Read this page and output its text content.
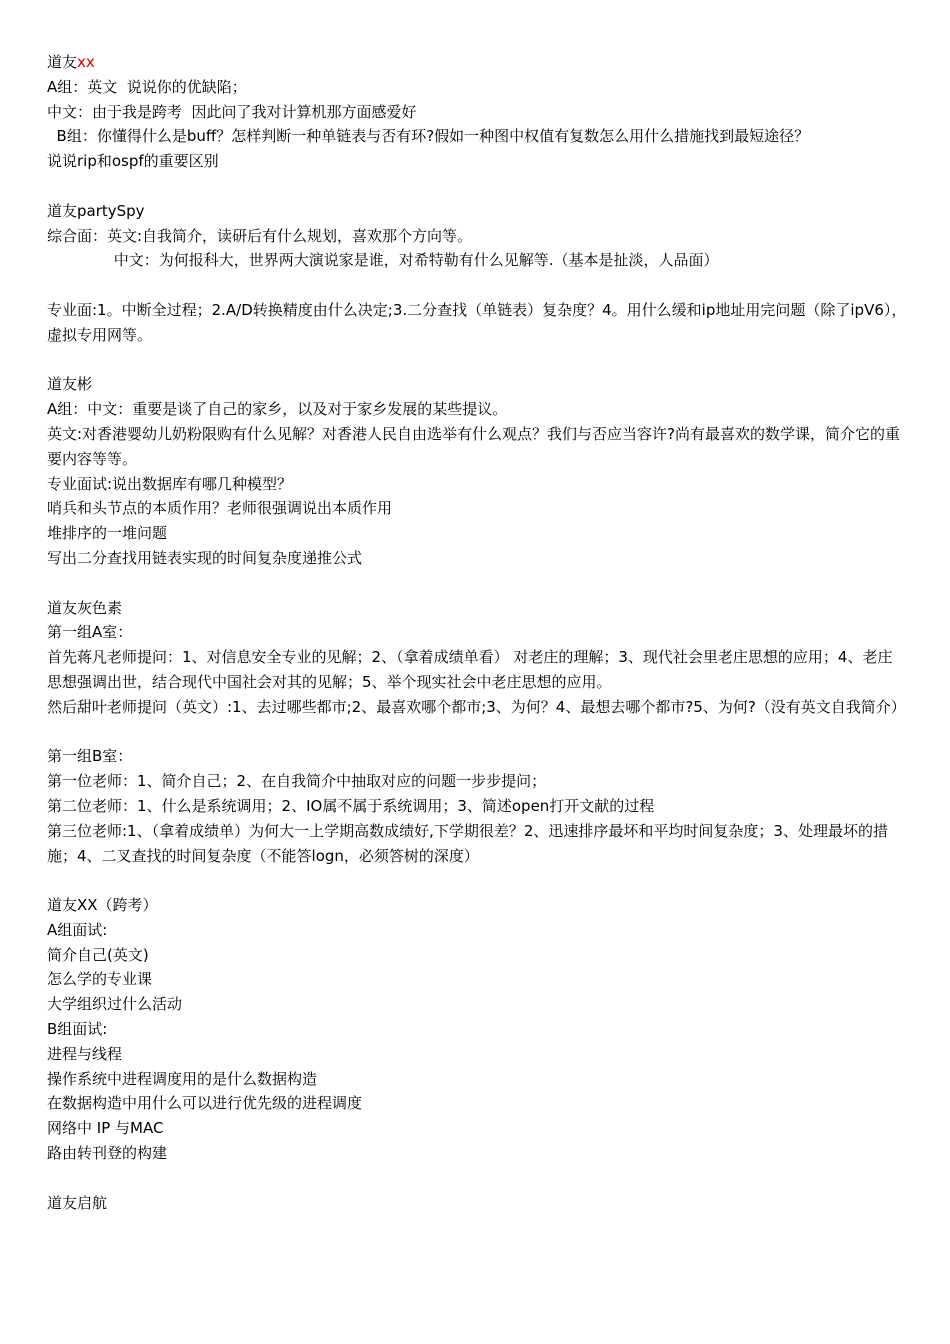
道友xx

A组：英文  说说你的优缺陷；

中文：由于我是跨考  因此问了我对计算机那方面感爱好

B组：你懂得什么是buff？怎样判断一种单链表与否有环?假如一种图中权值有复数怎么用什么措施找到最短途径？

说说rip和ospf的重要区别

道友partySpy

综合面：英文:自我简介，读研后有什么规划，喜欢那个方向等。

中文：为何报科大，世界两大演说家是谁，对希特勒有什么见解等.（基本是扯淡，人品面）

专业面:1。中断全过程；2.A/D转换精度由什么决定;3.二分查找（单链表）复杂度？4。用什么缓和ip地址用完问题（除了ipV6），虚拟专用网等。

道友彬

A组：中文：重要是谈了自己的家乡，以及对于家乡发展的某些提议。

英文:对香港婴幼儿奶粉限购有什么见解？对香港人民自由选举有什么观点？我们与否应当容许?尚有最喜欢的数学课，简介它的重要内容等等。

专业面试:说出数据库有哪几种模型？

哨兵和头节点的本质作用？老师很强调说出本质作用

堆排序的一堆问题

写出二分查找用链表实现的时间复杂度递推公式

道友灰色素

第一组A室：

首先蒋凡老师提问：1、对信息安全专业的见解；2、（拿着成绩单看） 对老庄的理解；3、现代社会里老庄思想的应用；4、老庄思想强调出世，结合现代中国社会对其的见解；5、举个现实社会中老庄思想的应用。

然后甜叶老师提问（英文）:1、去过哪些都市;2、最喜欢哪个都市;3、为何？4、最想去哪个都市?5、为何?（没有英文自我简介）

第一组B室：

第一位老师：1、简介自己；2、在自我简介中抽取对应的问题一步步提问；

第二位老师：1、什么是系统调用；2、IO属不属于系统调用；3、简述open打开文献的过程

第三位老师:1、（拿着成绩单）为何大一上学期高数成绩好,下学期很差？2、迅速排序最坏和平均时间复杂度；3、处理最坏的措施；4、二叉查找的时间复杂度（不能答logn，必须答树的深度）

道友XX（跨考）

A组面试:

简介自己(英文)

怎么学的专业课

大学组织过什么活动

B组面试:

进程与线程

操作系统中进程调度用的是什么数据构造

在数据构造中用什么可以进行优先级的进程调度

网络中 IP 与MAC

路由转刊登的构建

道友启航
